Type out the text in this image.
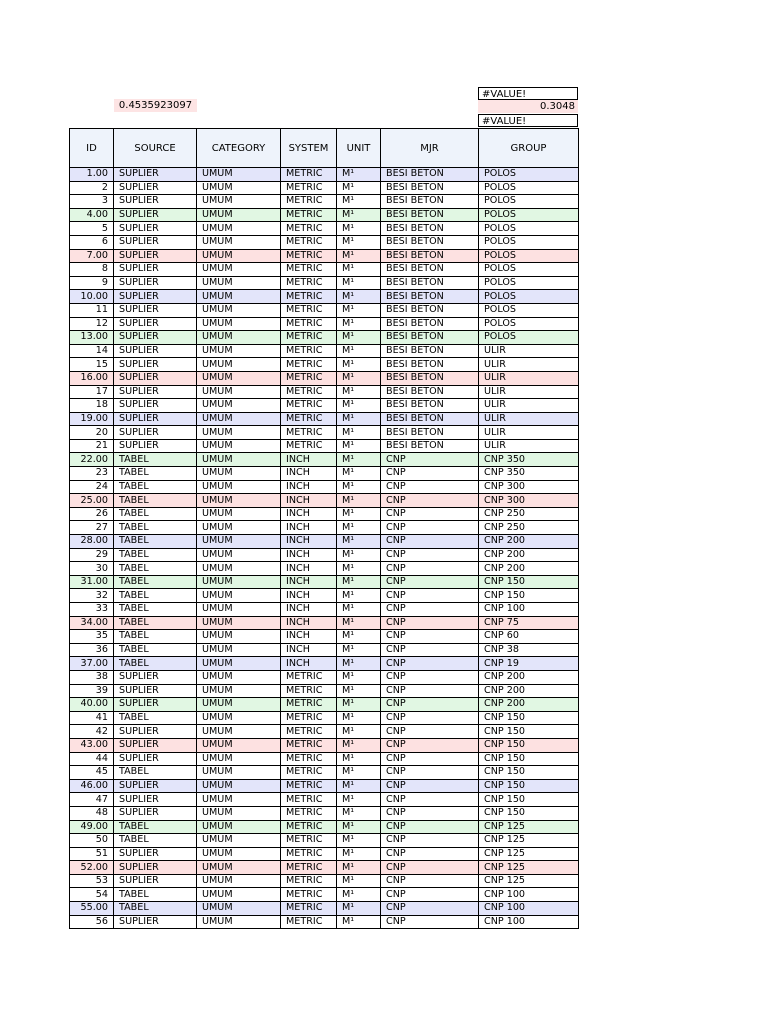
0.4535923097
#VALUE!
0.3048
#VALUE!
ID	SOURCE	CATEGORY	SYSTEM	UNIT	MJR	GROUP
1.00	SUPLIER	UMUM	METRIC	M¹	BESI BETON	POLOS
2	SUPLIER	UMUM	METRIC	M¹	BESI BETON	POLOS
3	SUPLIER	UMUM	METRIC	M¹	BESI BETON	POLOS
4.00	SUPLIER	UMUM	METRIC	M¹	BESI BETON	POLOS
5	SUPLIER	UMUM	METRIC	M¹	BESI BETON	POLOS
6	SUPLIER	UMUM	METRIC	M¹	BESI BETON	POLOS
7.00	SUPLIER	UMUM	METRIC	M¹	BESI BETON	POLOS
8	SUPLIER	UMUM	METRIC	M¹	BESI BETON	POLOS
9	SUPLIER	UMUM	METRIC	M¹	BESI BETON	POLOS
10.00	SUPLIER	UMUM	METRIC	M¹	BESI BETON	POLOS
11	SUPLIER	UMUM	METRIC	M¹	BESI BETON	POLOS
12	SUPLIER	UMUM	METRIC	M¹	BESI BETON	POLOS
13.00	SUPLIER	UMUM	METRIC	M¹	BESI BETON	POLOS
14	SUPLIER	UMUM	METRIC	M¹	BESI BETON	ULIR
15	SUPLIER	UMUM	METRIC	M¹	BESI BETON	ULIR
16.00	SUPLIER	UMUM	METRIC	M¹	BESI BETON	ULIR
17	SUPLIER	UMUM	METRIC	M¹	BESI BETON	ULIR
18	SUPLIER	UMUM	METRIC	M¹	BESI BETON	ULIR
19.00	SUPLIER	UMUM	METRIC	M¹	BESI BETON	ULIR
20	SUPLIER	UMUM	METRIC	M¹	BESI BETON	ULIR
21	SUPLIER	UMUM	METRIC	M¹	BESI BETON	ULIR
22.00	TABEL	UMUM	INCH	M¹	CNP	CNP 350
23	TABEL	UMUM	INCH	M¹	CNP	CNP 350
24	TABEL	UMUM	INCH	M¹	CNP	CNP 300
25.00	TABEL	UMUM	INCH	M¹	CNP	CNP 300
26	TABEL	UMUM	INCH	M¹	CNP	CNP 250
27	TABEL	UMUM	INCH	M¹	CNP	CNP 250
28.00	TABEL	UMUM	INCH	M¹	CNP	CNP 200
29	TABEL	UMUM	INCH	M¹	CNP	CNP 200
30	TABEL	UMUM	INCH	M¹	CNP	CNP 200
31.00	TABEL	UMUM	INCH	M¹	CNP	CNP 150
32	TABEL	UMUM	INCH	M¹	CNP	CNP 150
33	TABEL	UMUM	INCH	M¹	CNP	CNP 100
34.00	TABEL	UMUM	INCH	M¹	CNP	CNP 75
35	TABEL	UMUM	INCH	M¹	CNP	CNP 60
36	TABEL	UMUM	INCH	M¹	CNP	CNP 38
37.00	TABEL	UMUM	INCH	M¹	CNP	CNP 19
38	SUPLIER	UMUM	METRIC	M¹	CNP	CNP 200
39	SUPLIER	UMUM	METRIC	M¹	CNP	CNP 200
40.00	SUPLIER	UMUM	METRIC	M¹	CNP	CNP 200
41	TABEL	UMUM	METRIC	M¹	CNP	CNP 150
42	SUPLIER	UMUM	METRIC	M¹	CNP	CNP 150
43.00	SUPLIER	UMUM	METRIC	M¹	CNP	CNP 150
44	SUPLIER	UMUM	METRIC	M¹	CNP	CNP 150
45	TABEL	UMUM	METRIC	M¹	CNP	CNP 150
46.00	SUPLIER	UMUM	METRIC	M¹	CNP	CNP 150
47	SUPLIER	UMUM	METRIC	M¹	CNP	CNP 150
48	SUPLIER	UMUM	METRIC	M¹	CNP	CNP 150
49.00	TABEL	UMUM	METRIC	M¹	CNP	CNP 125
50	TABEL	UMUM	METRIC	M¹	CNP	CNP 125
51	SUPLIER	UMUM	METRIC	M¹	CNP	CNP 125
52.00	SUPLIER	UMUM	METRIC	M¹	CNP	CNP 125
53	SUPLIER	UMUM	METRIC	M¹	CNP	CNP 125
54	TABEL	UMUM	METRIC	M¹	CNP	CNP 100
55.00	TABEL	UMUM	METRIC	M¹	CNP	CNP 100
56	SUPLIER	UMUM	METRIC	M¹	CNP	CNP 100
